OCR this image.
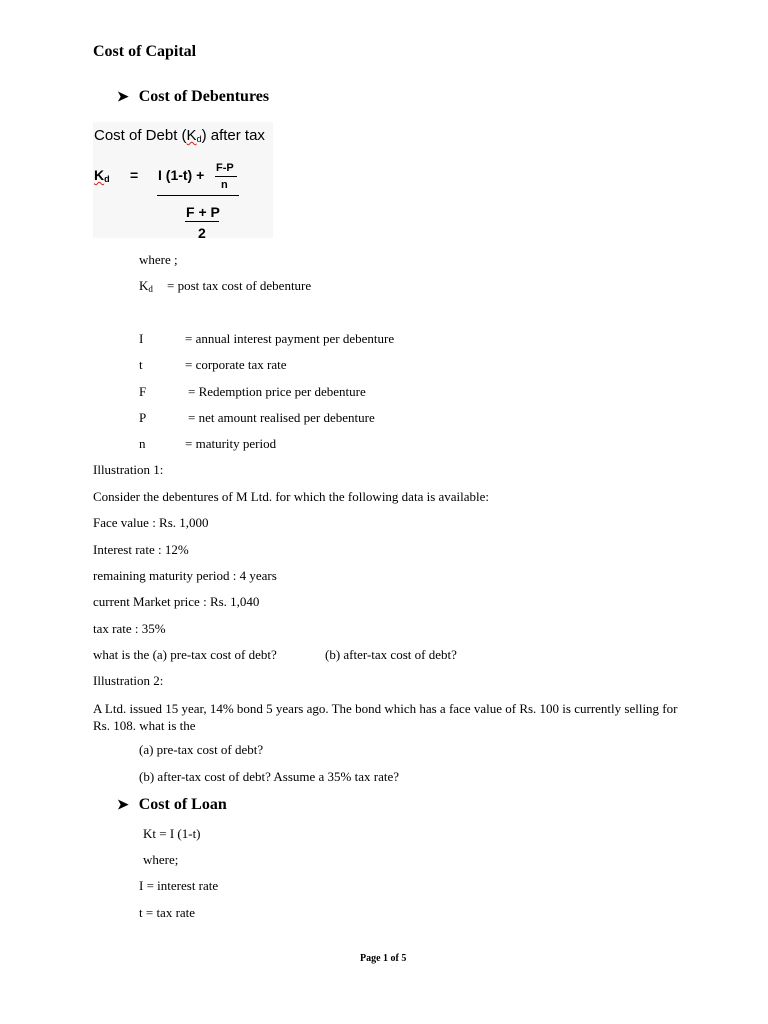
Cost of Capital
➤ Cost of Debentures
Cost of Debt $(K_d)$ after tax
$K_d = I$ (1-t) + F-P
n
F + P
2
where ;
$K_d$ = post tax cost of debenture
I	= annual interest payment per debenture
t	= corporate tax rate
F	= Redemption price per debenture
P	= net amount realised per debenture
n	= maturity period
Illustration 1:
Consider the debentures of M Ltd. for which the following data is available:
Face value : Rs. 1,000
Interest rate : 12%
remaining maturity period : 4 years
current Market price : Rs. 1,040
tax rate : 35%
what is the (a) pre-tax cost of debt?	(b) after-tax cost of debt?
Illustration 2:
A Ltd. issued 15 year, 14% bond 5 years ago. The bond which has a face value of Rs. 100 is currently selling for Rs. 108. what is the
(a) pre-tax cost of debt?
(b) after-tax cost of debt? Assume a 35% tax rate?
➤ Cost of Loan
Kt = I (1-t)
where;
I = interest rate
t = tax rate
Page 1 of 5
